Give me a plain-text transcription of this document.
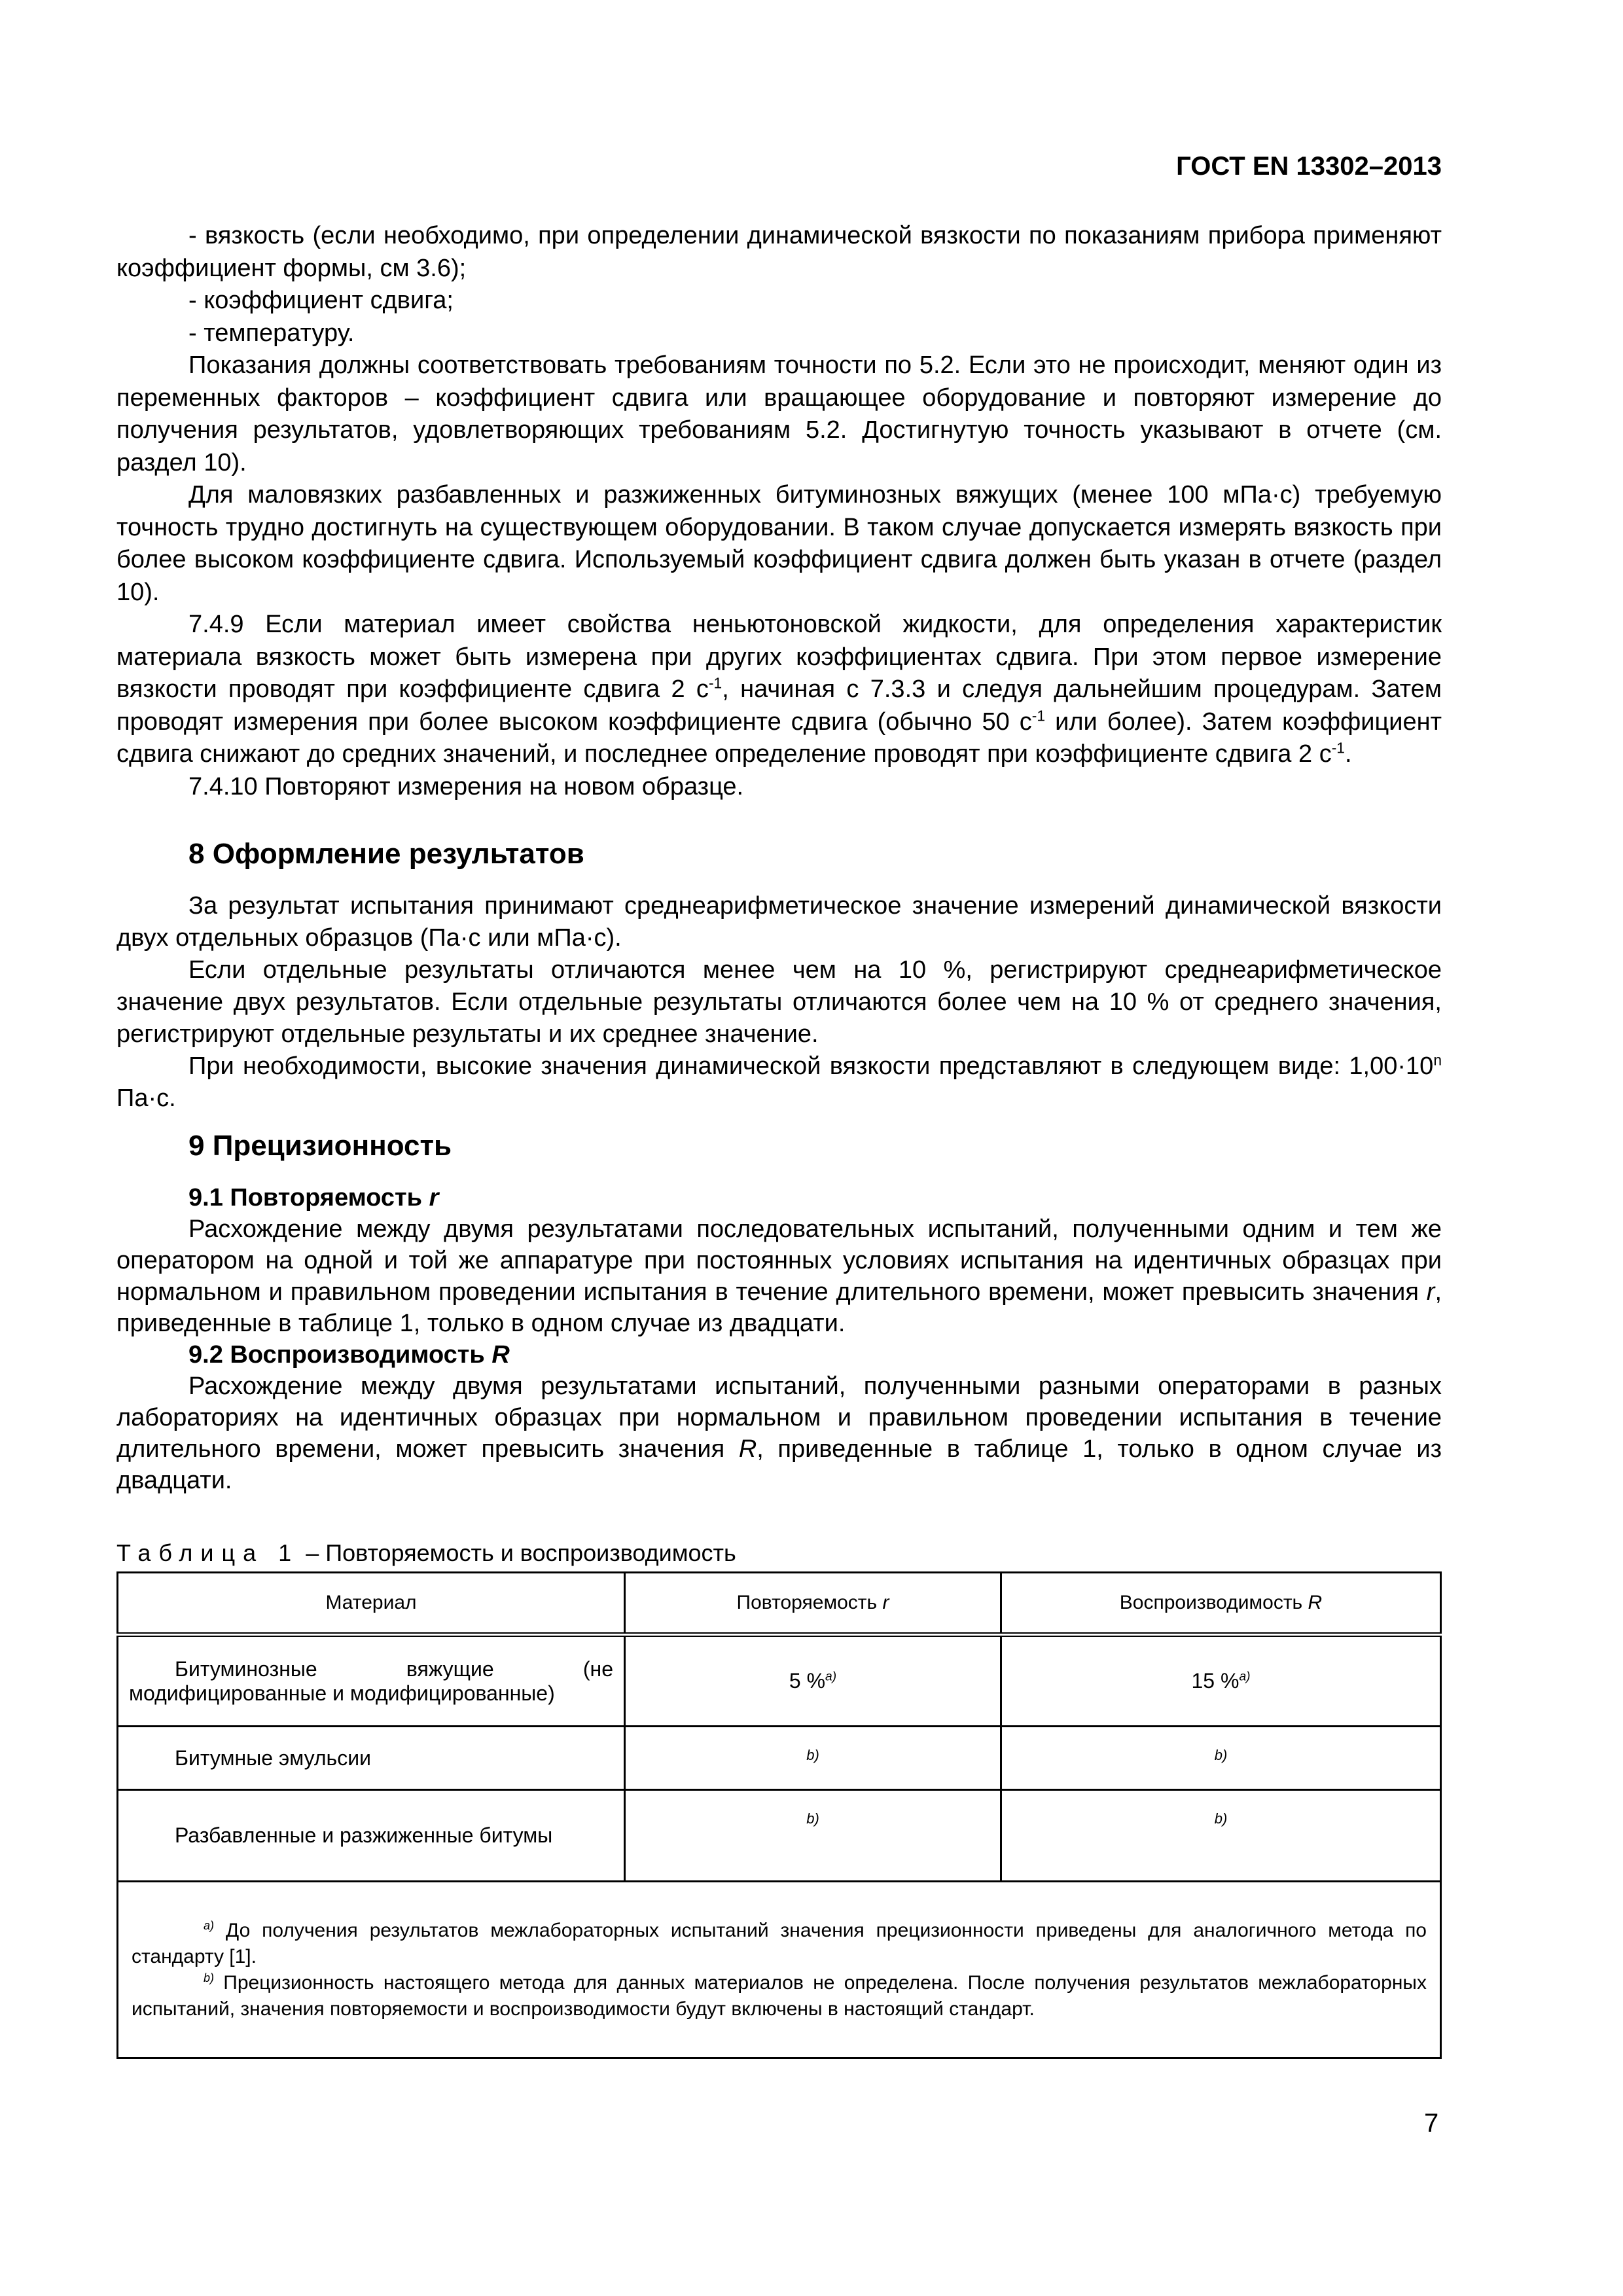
ГОСТ EN 13302–2013

- вязкость (если необходимо, при определении динамической вязкости по показаниям прибора применяют коэффициент формы, см 3.6);

- коэффициент сдвига;

- температуру.

Показания должны соответствовать требованиям точности по 5.2. Если это не происходит, меняют один из переменных факторов – коэффициент сдвига или вращающее оборудование и повторяют измерение до получения результатов, удовлетворяющих требованиям 5.2. Достигнутую точность указывают в отчете (см. раздел 10).

Для маловязких разбавленных и разжиженных битуминозных вяжущих (менее 100 мПа·с) требуемую точность трудно достигнуть на существующем оборудовании. В таком случае допускается измерять вязкость при более высоком коэффициенте сдвига. Используемый коэффициент сдвига должен быть указан в отчете (раздел 10).

7.4.9 Если материал имеет свойства неньютоновской жидкости, для определения характеристик материала вязкость может быть измерена при других коэффициентах сдвига. При этом первое измерение вязкости проводят при коэффициенте сдвига 2 $с^{-1}$, начиная с 7.3.3 и следуя дальнейшим процедурам. Затем проводят измерения при более высоком коэффициенте сдвига (обычно 50 $с^{-1}$ или более). Затем коэффициент сдвига снижают до средних значений, и последнее определение проводят при коэффициенте сдвига 2 $с^{-1}$.

7.4.10 Повторяют измерения на новом образце.

8 Оформление результатов

За результат испытания принимают среднеарифметическое значение измерений динамической вязкости двух отдельных образцов (Па·с или мПа·с).

Если отдельные результаты отличаются менее чем на 10 %, регистрируют среднеарифметическое значение двух результатов. Если отдельные результаты отличаются более чем на 10 % от среднего значения, регистрируют отдельные результаты и их среднее значение.

При необходимости, высокие значения динамической вязкости представляют в следующем виде: $1,00\cdot 10^n$ Па·с.

9 Прецизионность

9.1 Повторяемость r

Расхождение между двумя результатами последовательных испытаний, полученными одним и тем же оператором на одной и той же аппаратуре при постоянных условиях испытания на идентичных образцах при нормальном и правильном проведении испытания в течение длительного времени, может превысить значения r, приведенные в таблице 1, только в одном случае из двадцати.

9.2 Воспроизводимость R

Расхождение между двумя результатами испытаний, полученными разными операторами в разных лабораториях на идентичных образцах при нормальном и правильном проведении испытания в течение длительного времени, может превысить значения R, приведенные в таблице 1, только в одном случае из двадцати.

Таблица 1 – Повторяемость и воспроизводимость
Материал	Повторяемость r	Воспроизводимость R
Битуминозные вяжущие (не модифицированные и модифицированные)	5 %$^{a)}$	15 %$^{a)}$
Битумные эмульсии	b)	b)
Разбавленные и разжиженные битумы	b)	b)

$^{a)}$ До получения результатов межлабораторных испытаний значения прецизионности приведены для аналогичного метода по стандарту [1].
$^{b)}$ Прецизионность настоящего метода для данных материалов не определена. После получения результатов межлабораторных испытаний, значения повторяемости и воспроизводимости будут включены в настоящий стандарт.		
7
